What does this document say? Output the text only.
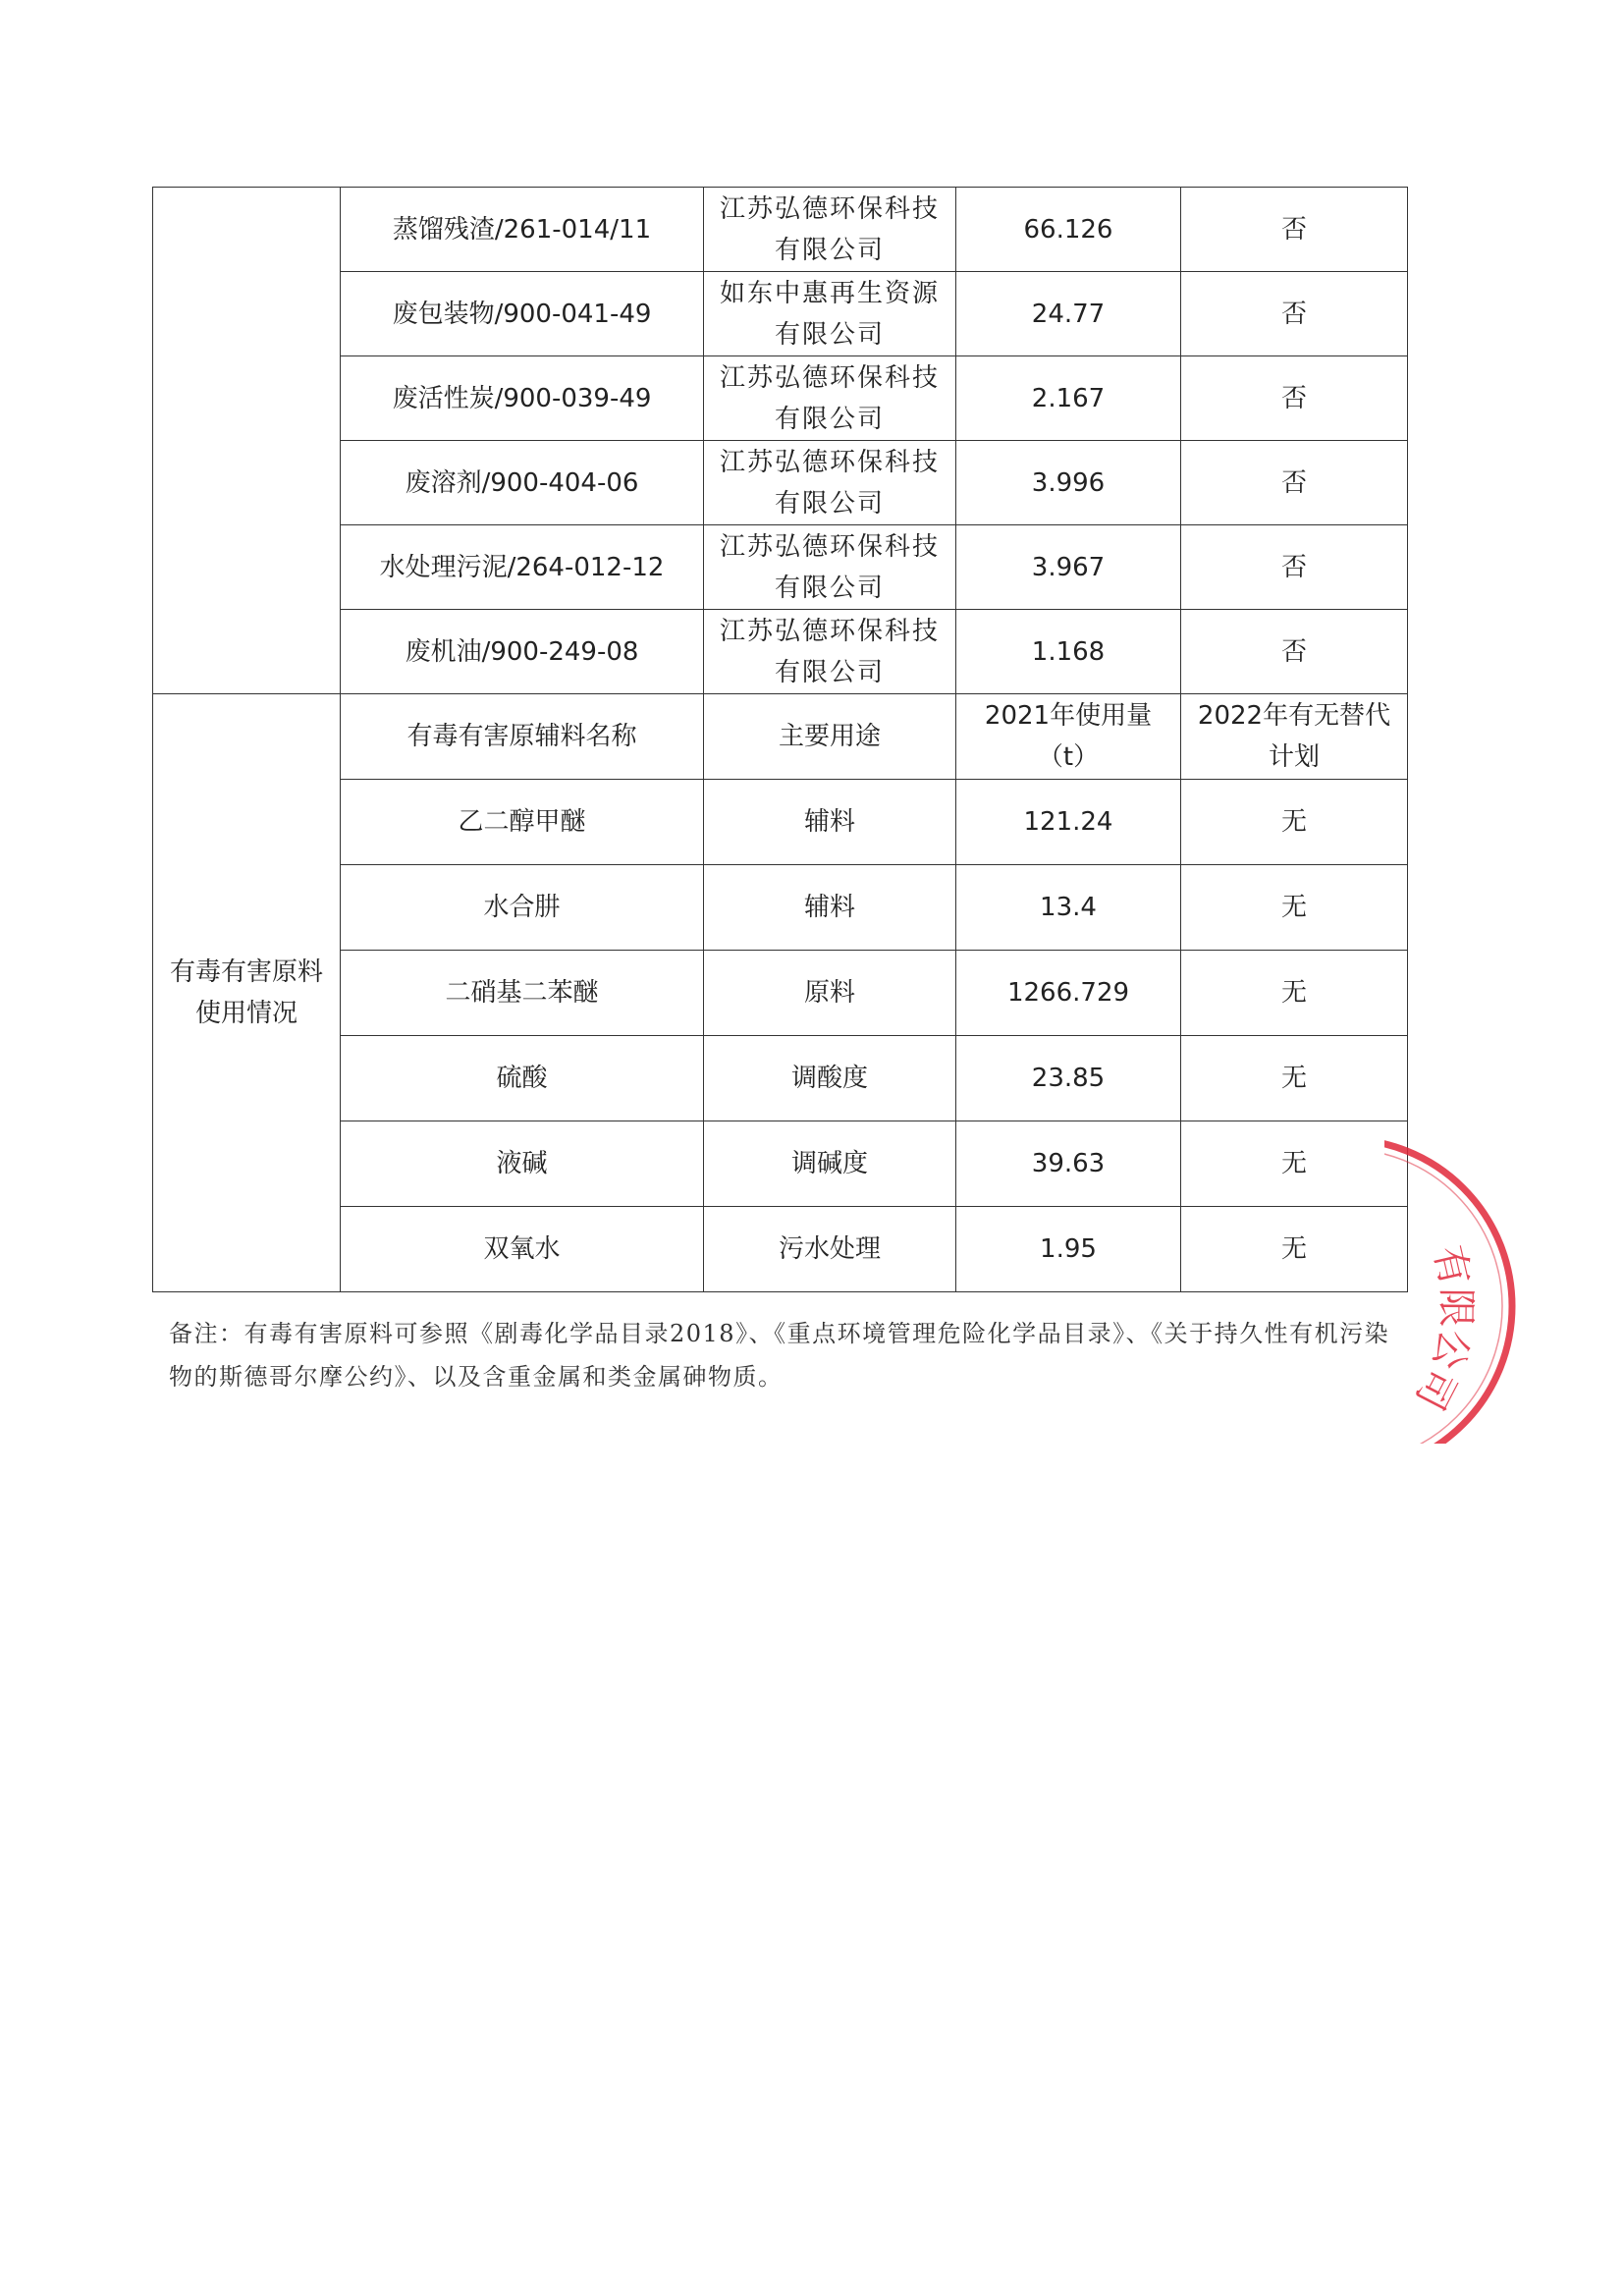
	蒸馏残渣/261-014/11	江苏弘德环保科技有限公司	66.126	否
	废包装物/900-041-49	如东中惠再生资源有限公司	24.77	否
	废活性炭/900-039-49	江苏弘德环保科技有限公司	2.167	否
	废溶剂/900-404-06	江苏弘德环保科技有限公司	3.996	否
	水处理污泥/264-012-12	江苏弘德环保科技有限公司	3.967	否
	废机油/900-249-08	江苏弘德环保科技有限公司	1.168	否
有毒有害原料使用情况	有毒有害原辅料名称	主要用途	2021年使用量（t）	2022年有无替代计划
	乙二醇甲醚	辅料	121.24	无
	水合肼	辅料	13.4	无
	二硝基二苯醚	原料	1266.729	无
	硫酸	调酸度	23.85	无
	液碱	调碱度	39.63	无
	双氧水	污水处理	1.95	无
备注：有毒有害原料可参照《剧毒化学品目录2018》、《重点环境管理危险化学品目录》、《关于持久性有机污染物的斯德哥尔摩公约》、以及含重金属和类金属砷物质。
有限公司
